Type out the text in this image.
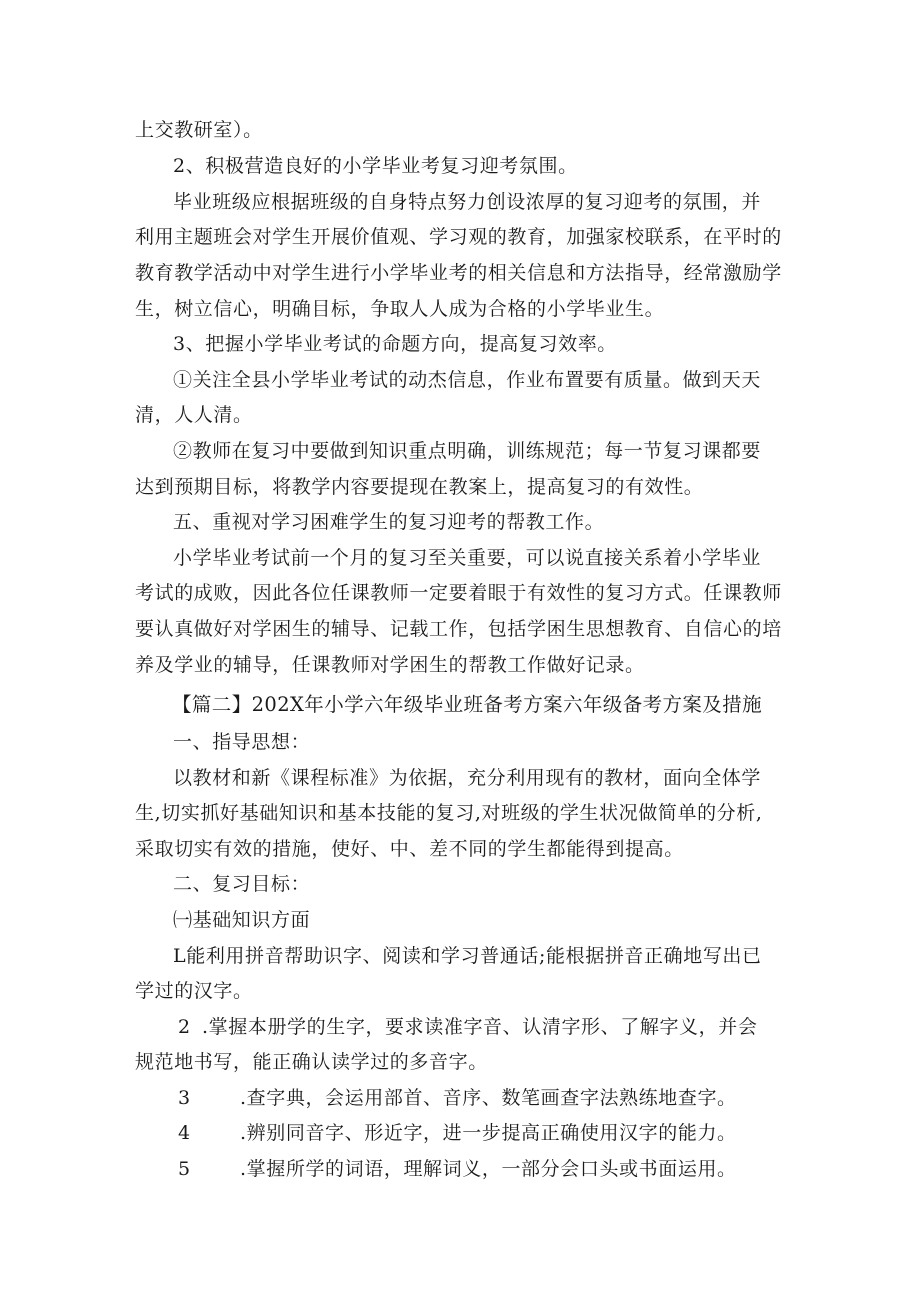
上交教研室）。
2、积极营造良好的小学毕业考复习迎考氛围。
毕业班级应根据班级的自身特点努力创设浓厚的复习迎考的氛围，并
利用主题班会对学生开展价值观、学习观的教育，加强家校联系，在平时的
教育教学活动中对学生进行小学毕业考的相关信息和方法指导，经常激励学
生，树立信心，明确目标，争取人人成为合格的小学毕业生。
3、把握小学毕业考试的命题方向，提高复习效率。
①关注全县小学毕业考试的动杰信息，作业布置要有质量。做到天天
清，人人清。
②教师在复习中要做到知识重点明确，训练规范；每一节复习课都要
达到预期目标，将教学内容要提现在教案上，提高复习的有效性。
五、重视对学习困难学生的复习迎考的帮教工作。
小学毕业考试前一个月的复习至关重要，可以说直接关系着小学毕业
考试的成败，因此各位任课教师一定要着眼于有效性的复习方式。任课教师
要认真做好对学困生的辅导、记载工作，包括学困生思想教育、自信心的培
养及学业的辅导，任课教师对学困生的帮教工作做好记录。
【篇二】202X年小学六年级毕业班备考方案六年级备考方案及措施
一、指导思想：
以教材和新《课程标准》为依据，充分利用现有的教材，面向全体学
生,切实抓好基础知识和基本技能的复习,对班级的学生状况做简单的分析,
采取切实有效的措施，使好、中、差不同的学生都能得到提高。
二、复习目标：
㈠基础知识方面
L能利用拼音帮助识字、阅读和学习普通话;能根据拼音正确地写出已
学过的汉字。
2 .掌握本册学的生字，要求读准字音、认清字形、了解字义，并会
规范地书写，能正确认读学过的多音字。
3	.查字典，会运用部首、音序、数笔画查字法熟练地查字。
4	.辨别同音字、形近字，进一步提高正确使用汉字的能力。
5	.掌握所学的词语，理解词义，一部分会口头或书面运用。
